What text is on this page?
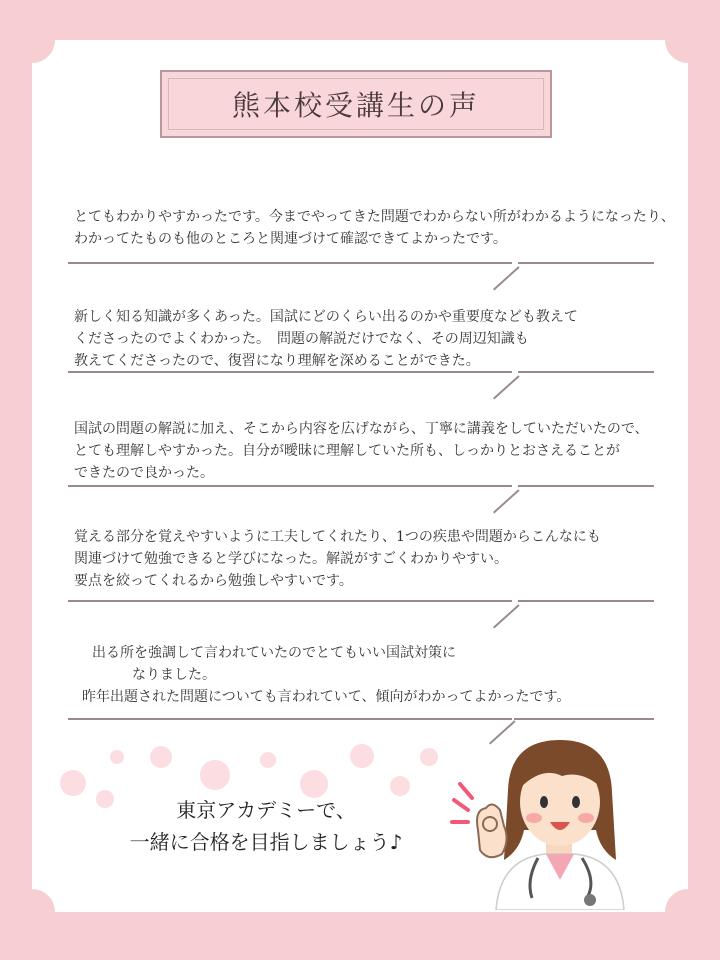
熊本校受講生の声
とてもわかりやすかったです。今までやってきた問題でわからない所がわかるようになったり、
わかってたものも他のところと関連づけて確認できてよかったです。
新しく知る知識が多くあった。国試にどのくらい出るのかや重要度なども教えて
くださったのでよくわかった。　問題の解説だけでなく、その周辺知識も
教えてくださったので、復習になり理解を深めることができた。
国試の問題の解説に加え、そこから内容を広げながら、丁寧に講義をしていただいたので、
とても理解しやすかった。自分が曖昧に理解していた所も、しっかりとおさえることが
できたので良かった。
覚える部分を覚えやすいように工夫してくれたり、1つの疾患や問題からこんなにも
関連づけて勉強できると学びになった。解説がすごくわかりやすい。
要点を絞ってくれるから勉強しやすいです。
出る所を強調して言われていたのでとてもいい国試対策に
なりました。
昨年出題された問題についても言われていて、傾向がわかってよかったです。
東京アカデミーで、
一緒に合格を目指しましょう♪
